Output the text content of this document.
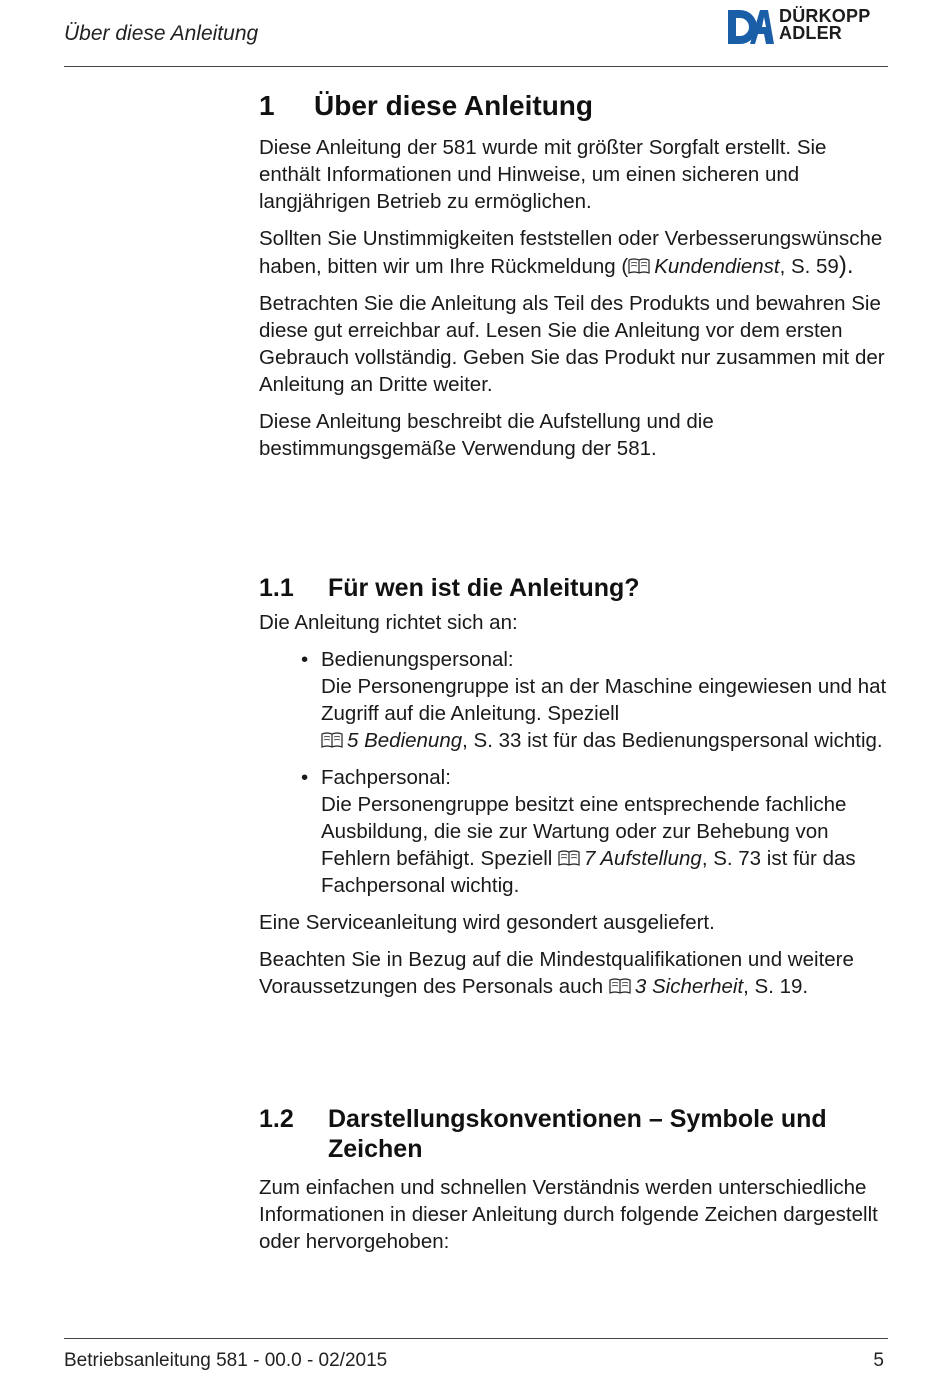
Über diese Anleitung
DÜRKOPP
ADLER
1 Über diese Anleitung

Diese Anleitung der 581 wurde mit größter Sorgfalt erstellt. Sie enthält Informationen und Hinweise, um einen sicheren und langjährigen Betrieb zu ermöglichen.

Sollten Sie Unstimmigkeiten feststellen oder Verbesserungswünsche haben, bitten wir um Ihre Rückmeldung ( Kundendienst, S. 59).

Betrachten Sie die Anleitung als Teil des Produkts und bewahren Sie diese gut erreichbar auf. Lesen Sie die Anleitung vor dem ersten Gebrauch vollständig. Geben Sie das Produkt nur zusammen mit der Anleitung an Dritte weiter.

Diese Anleitung beschreibt die Aufstellung und die bestimmungsgemäße Verwendung der 581.

1.1 Für wen ist die Anleitung?

Die Anleitung richtet sich an:

• Bedienungspersonal:
Die Personengruppe ist an der Maschine eingewiesen und hat Zugriff auf die Anleitung. Speziell
5 Bedienung, S. 33 ist für das Bedienungspersonal wichtig.
• Fachpersonal:
Die Personengruppe besitzt eine entsprechende fachliche Ausbildung, die sie zur Wartung oder zur Behebung von Fehlern befähigt. Speziell 7 Aufstellung, S. 73 ist für das Fachpersonal wichtig.

Eine Serviceanleitung wird gesondert ausgeliefert.

Beachten Sie in Bezug auf die Mindestqualifikationen und weitere Voraussetzungen des Personals auch 3 Sicherheit, S. 19.

1.2	Darstellungskonventionen – Symbole und Zeichen

Zum einfachen und schnellen Verständnis werden unterschiedliche Informationen in dieser Anleitung durch folgende Zeichen dargestellt oder hervorgehoben:

Betriebsanleitung 581 - 00.0 - 02/2015	5
